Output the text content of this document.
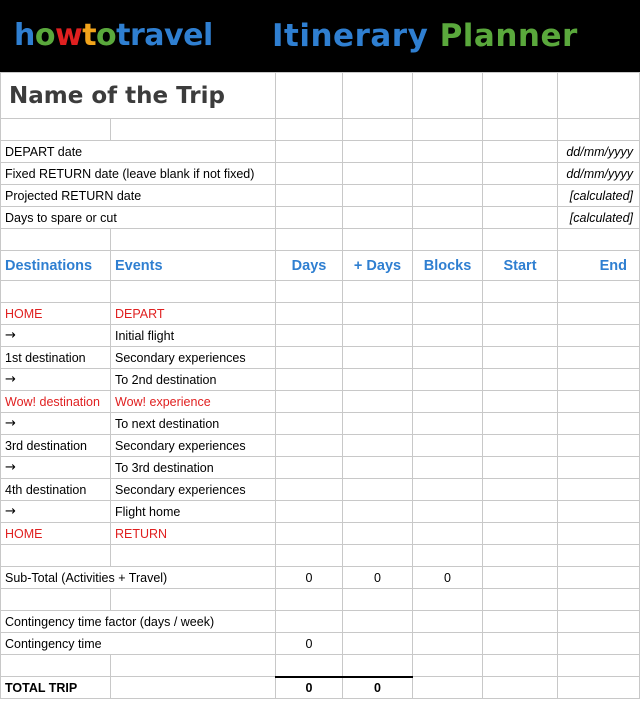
howtotravel Itinerary Planner
Name of the Trip						

DEPART date						dd/mm/yyyy
Fixed RETURN date (leave blank if not fixed)						dd/mm/yyyy
Projected RETURN date						[calculated]
Days to spare or cut						[calculated]

Destinations	Events	Days	+ Days	Blocks	Start	End

HOME	DEPART					
→	Initial flight					
1st destination	Secondary experiences					
→	To 2nd destination					
Wow! destination	Wow! experience					
→	To next destination					
3rd destination	Secondary experiences					
→	To 3rd destination					
4th destination	Secondary experiences					
→	Flight home					
HOME	RETURN					

Sub-Total (Activities + Travel)		0	0	0		

Contingency time factor (days / week)						
Contingency time		0				

TOTAL TRIP		0	0			
